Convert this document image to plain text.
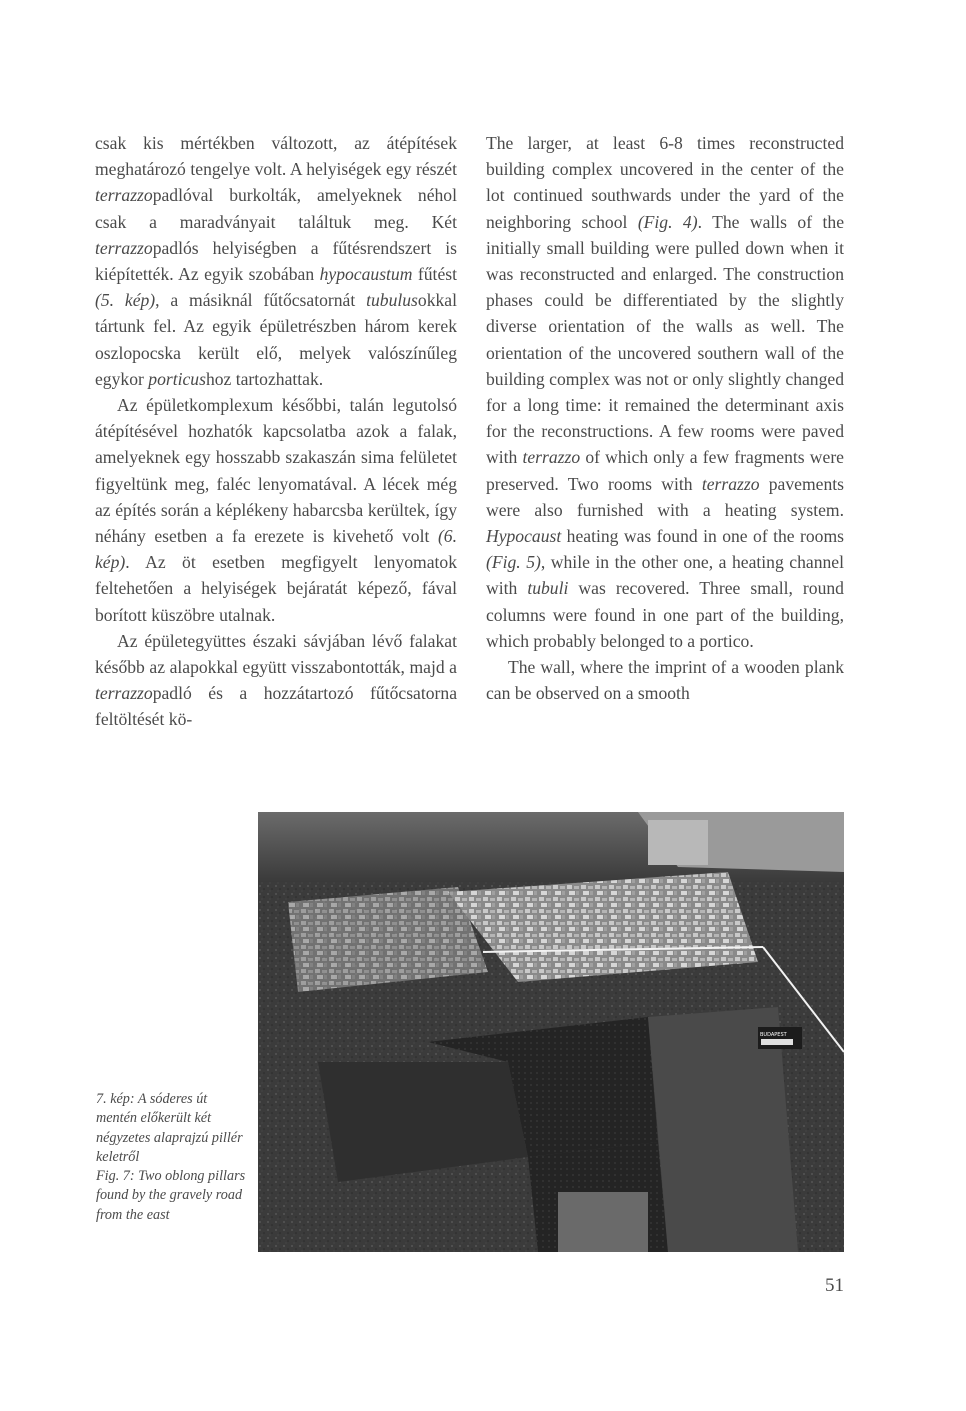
csak kis mértékben változott, az átépítések meghatározó tengelye volt. A helyiségek egy részét terrazzopadlóval burkolták, amelyeknek néhol csak a maradványait találtuk meg. Két terrazzopadlós helyiségben a fűtésrendszert is kiépítették. Az egyik szobában hypocaustum fűtést (5. kép), a másiknál fűtőcsatornát tubulusokkal tártunk fel. Az egyik épületrészben három kerek oszlopocska került elő, melyek valószínűleg egykor porticushoz tartozhattak.

Az épületkomplexum későbbi, talán legutolsó átépítésével hozhatók kapcsolatba azok a falak, amelyeknek egy hosszabb szakaszán sima felületet figyeltünk meg, faléc lenyomatával. A lécek még az építés során a képlékeny habarcsba kerültek, így néhány esetben a fa erezete is kivehető volt (6. kép). Az öt esetben megfigyelt lenyomatok feltehetően a helyiségek bejáratát képező, fával borított küszöbre utalnak.

Az épületegyüttes északi sávjában lévő falakat később az alapokkal együtt visszabontották, majd a terrazzopadló és a hozzátartozó fűtőcsatorna feltöltését kö-

The larger, at least 6-8 times reconstructed building complex uncovered in the center of the lot continued southwards under the yard of the neighboring school (Fig. 4). The walls of the initially small building were pulled down when it was reconstructed and enlarged. The construction phases could be differentiated by the slightly diverse orientation of the walls as well. The orientation of the uncovered southern wall of the building complex was not or only slightly changed for a long time: it remained the determinant axis for the reconstructions. A few rooms were paved with terrazzo of which only a few fragments were preserved. Two rooms with terrazzo pavements were also furnished with a heating system. Hypocaust heating was found in one of the rooms (Fig. 5), while in the other one, a heating channel with tubuli was recovered. Three small, round columns were found in one part of the building, which probably belonged to a portico.

The wall, where the imprint of a wooden plank can be observed on a smooth

BUDAPEST
7. kép: A sóderes út mentén előkerült két négyzetes alaprajzú pillér keletről
Fig. 7: Two oblong pillars found by the gravely road from the east
51
